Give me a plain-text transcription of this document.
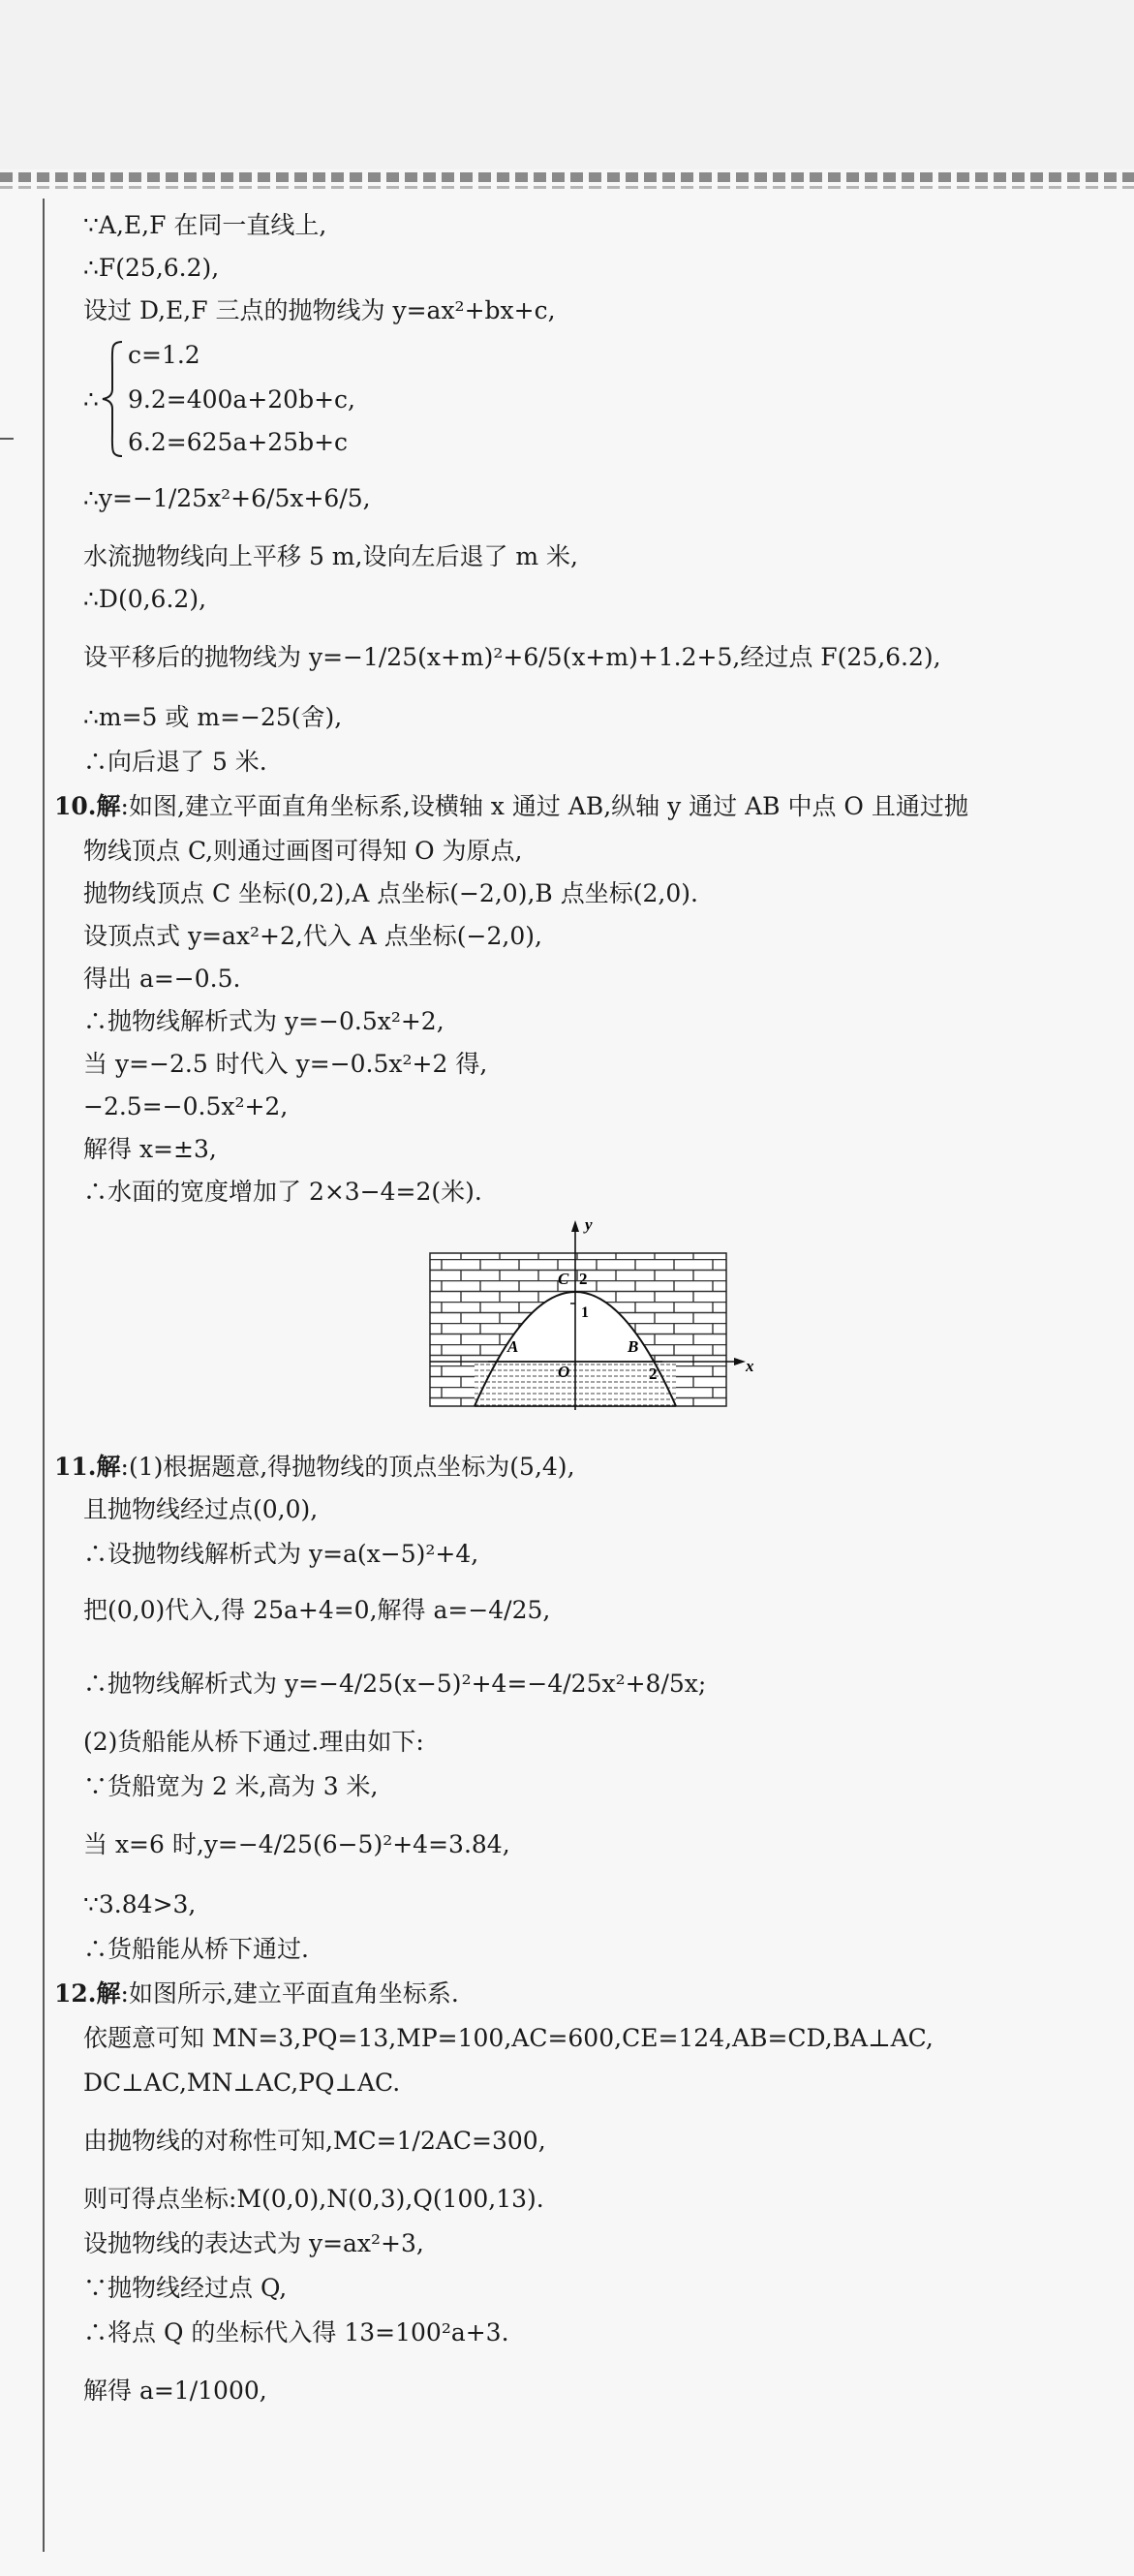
∵A,E,F 在同一直线上,
∴F(25,6.2),
设过 D,E,F 三点的抛物线为 y=ax²+bx+c,
∴
c=1.2
9.2=400a+20b+c,
6.2=625a+25b+c
∴y=−1/25x²+6/5x+6/5,
水流抛物线向上平移 5 m,设向左后退了 m 米,
∴D(0,6.2),
设平移后的抛物线为 y=−1/25(x+m)²+6/5(x+m)+1.2+5,经过点 F(25,6.2),
∴m=5 或 m=−25(舍),
∴向后退了 5 米.
10.解:如图,建立平面直角坐标系,设横轴 x 通过 AB,纵轴 y 通过 AB 中点 O 且通过抛
物线顶点 C,则通过画图可得知 O 为原点,
抛物线顶点 C 坐标(0,2),A 点坐标(−2,0),B 点坐标(2,0).
设顶点式 y=ax²+2,代入 A 点坐标(−2,0),
得出 a=−0.5.
∴抛物线解析式为 y=−0.5x²+2,
当 y=−2.5 时代入 y=−0.5x²+2 得,
−2.5=−0.5x²+2,
解得 x=±3,
∴水面的宽度增加了 2×3−4=2(米).
y
x
C 2
1
A	B
O	2
11.解:(1)根据题意,得抛物线的顶点坐标为(5,4),
且抛物线经过点(0,0),
∴设抛物线解析式为 y=a(x−5)²+4,
把(0,0)代入,得 25a+4=0,解得 a=−4/25,
∴抛物线解析式为 y=−4/25(x−5)²+4=−4/25x²+8/5x;
(2)货船能从桥下通过.理由如下:
∵货船宽为 2 米,高为 3 米,
当 x=6 时,y=−4/25(6−5)²+4=3.84,
∵3.84>3,
∴货船能从桥下通过.
12.解:如图所示,建立平面直角坐标系.
依题意可知 MN=3,PQ=13,MP=100,AC=600,CE=124,AB=CD,BA⊥AC,
DC⊥AC,MN⊥AC,PQ⊥AC.
由抛物线的对称性可知,MC=1/2AC=300,
则可得点坐标:M(0,0),N(0,3),Q(100,13).
设抛物线的表达式为 y=ax²+3,
∵抛物线经过点 Q,
∴将点 Q 的坐标代入得 13=100²a+3.
解得 a=1/1000,
